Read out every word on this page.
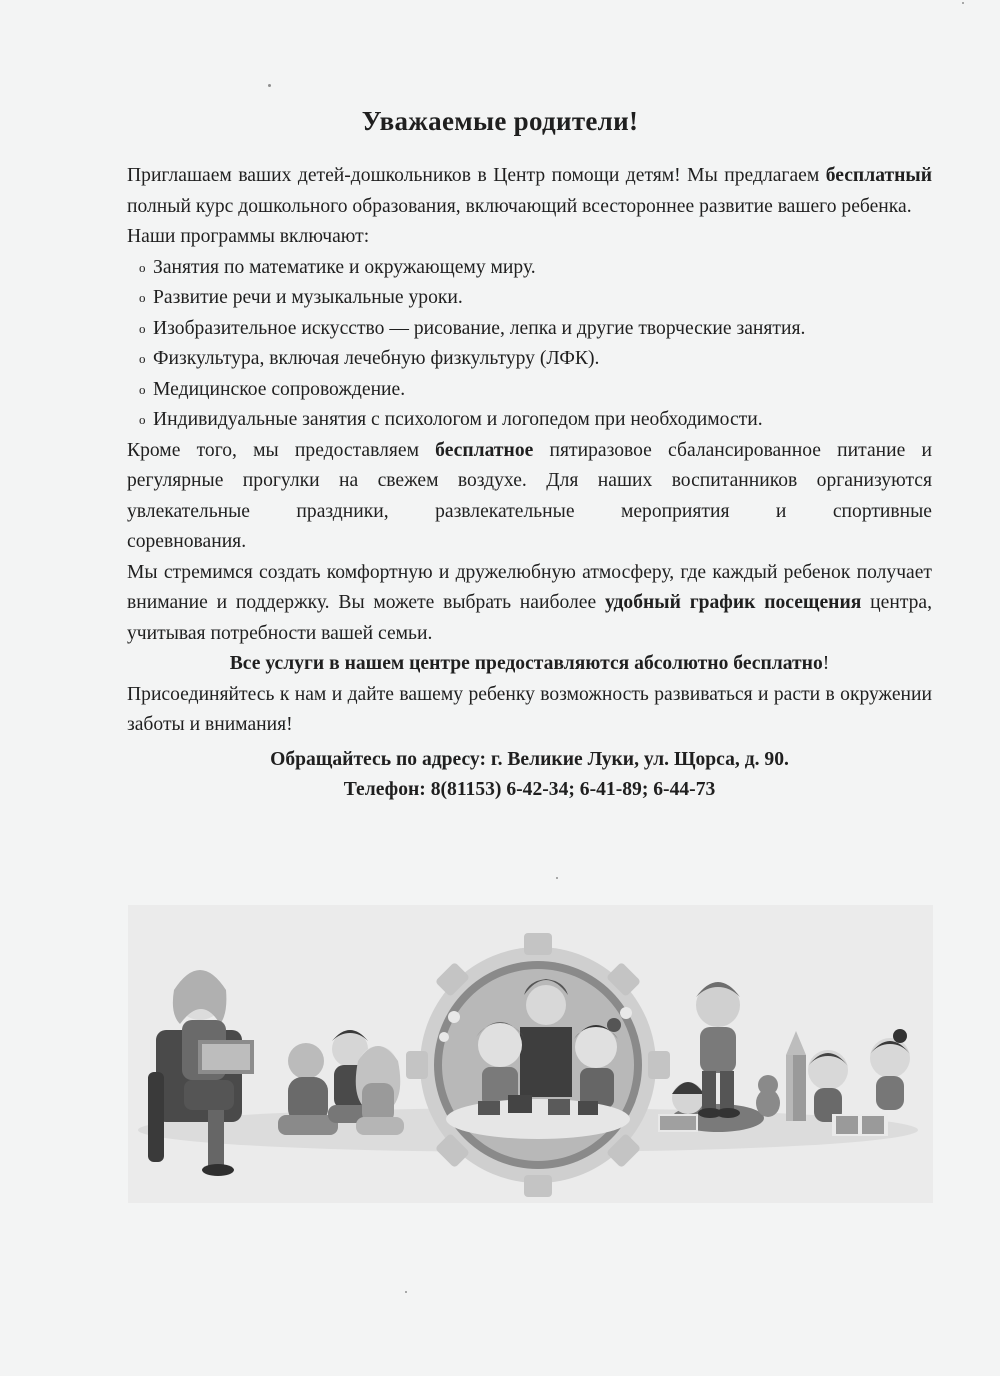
Уважаемые родители!

Приглашаем ваших детей-дошкольников в Центр помощи детям! Мы предлагаем бесплатный полный курс дошкольного образования, включающий всестороннее развитие вашего ребенка.

Наши программы включают:

o Занятия по математике и окружающему миру.
o Развитие речи и музыкальные уроки.
o Изобразительное искусство — рисование, лепка и другие творческие занятия.
o Физкультура, включая лечебную физкультуру (ЛФК).
o Медицинское сопровождение.
o Индивидуальные занятия с психологом и логопедом при необходимости.

Кроме того, мы предоставляем бесплатное пятиразовое сбалансированное питание и регулярные прогулки на свежем воздухе. Для наших воспитанников организуются увлекательные праздники, развлекательные мероприятия и спортивные

соревнования.

Мы стремимся создать комфортную и дружелюбную атмосферу, где каждый ребенок получает внимание и поддержку. Вы можете выбрать наиболее удобный график посещения центра, учитывая потребности вашей семьи.

Все услуги в нашем центре предоставляются абсолютно бесплатно!

Присоединяйтесь к нам и дайте вашему ребенку возможность развиваться и расти в окружении заботы и внимания!

Обращайтесь по адресу: г. Великие Луки, ул. Щорса, д. 90.

Телефон: 8(81153) 6-42-34; 6-41-89; 6-44-73
